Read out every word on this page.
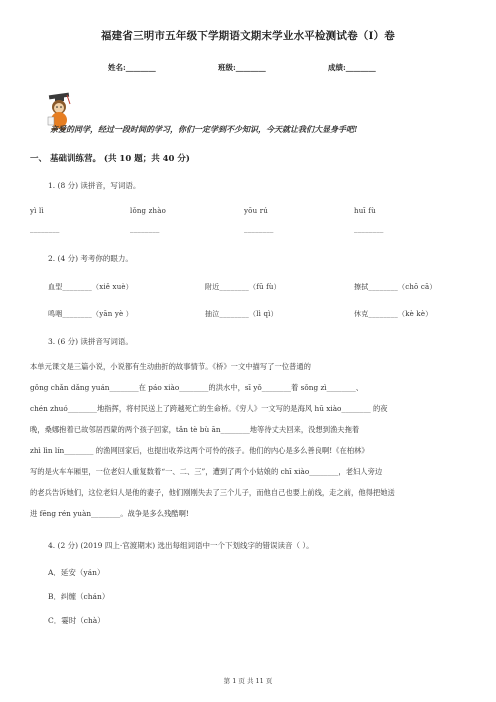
福建省三明市五年级下学期语文期末学业水平检测试卷（I）卷
姓名:________	班级:________	成绩:________
亲爱的同学，经过一段时间的学习，你们一定学到不少知识，今天就让我们大显身手吧!
一、 基础训练营。 (共 10 题；共 40 分)
1. (8 分) 读拼音，写词语。
yì lì	lǒng zhào	yōu rú	huī fù
________	________	________	________
2. (4 分) 考考你的眼力。
血型________（xiě xuè）	附近________（fū fù）	擦拭________（chō cā）
鸣咽________（yān yè ）	抽泣________（lì qì）	休克________（kè kè）
3. (6 分) 读拼音写词语。
本单元课文是三篇小说，小说都有生动曲折的故事情节。《桥》一文中描写了一位普通的
gǒng chǎn dǎng yuán________在 páo xiào________的洪水中，sī yǒ________着 sǒng zì________、
chén zhuó________地指挥，将村民送上了跨越死亡的生命桥。《穷人》一文写的是海风 hū xiào________ 的夜
晚，桑娜抱着已故邻居西蒙的两个孩子回家，tǎn tè bù ān________地等待丈夫回来，没想到渔夫拖着
zhì lìn lín________ 的渔网回家后，也提出收养这两个可怜的孩子。他们的内心是多么善良啊!《在柏林》
写的是火车车厢里，一位老妇人重复数着“一、二、三”，遭到了两个小姑娘的 chī xiào________，老妇人旁边
的老兵告诉她们，这位老妇人是他的妻子，他们刚刚失去了三个儿子，而他自己也要上前线，走之前，他得把她送
进 fēng rén yuàn________。战争是多么残酷啊!
4. (2 分) (2019 四上·官渡期末) 选出每组词语中一个下划线字的错误读音（ ）。
A．延安（yán）
B．纠缠（chán）
C．霎时（chà）
第 1 页 共 11 页
